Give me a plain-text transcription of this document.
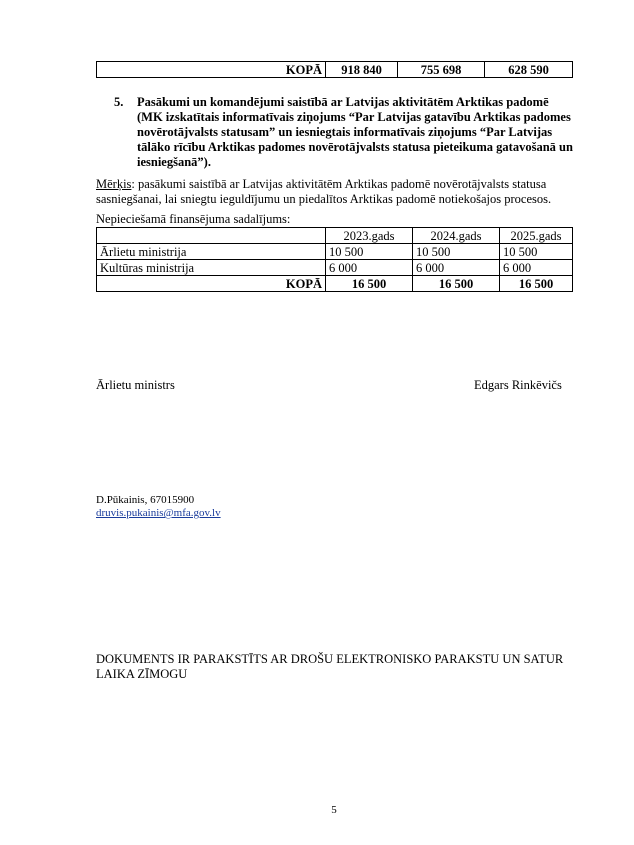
KOPĀ	918 840	755 698	628 590
5. Pasākumi un komandējumi saistībā ar Latvijas aktivitātēm Arktikas padomē
(MK izskatītais informatīvais ziņojums “Par Latvijas gatavību Arktikas padomes
novērotājvalsts statusam” un iesniegtais informatīvais ziņojums “Par Latvijas
tālāko rīcību Arktikas padomes novērotājvalsts statusa pieteikuma gatavošanā un
iesniegšanā”).
Mērķis: pasākumi saistībā ar Latvijas aktivitātēm Arktikas padomē novērotājvalsts statusa
sasniegšanai, lai sniegtu ieguldījumu un piedalītos Arktikas padomē notiekošajos procesos.
Nepieciešamā finansējuma sadalījums:
	2023.gads	2024.gads	2025.gads
Ārlietu ministrija	10 500	10 500	10 500
Kultūras ministrija	6 000	6 000	6 000
KOPĀ	16 500	16 500	16 500
Ārlietu ministrs	Edgars Rinkēvičs
D.Pūkainis, 67015900
druvis.pukainis@mfa.gov.lv
DOKUMENTS IR PARAKSTĪTS AR DROŠU ELEKTRONISKO PARAKSTU UN SATUR
LAIKA ZĪMOGU
5
